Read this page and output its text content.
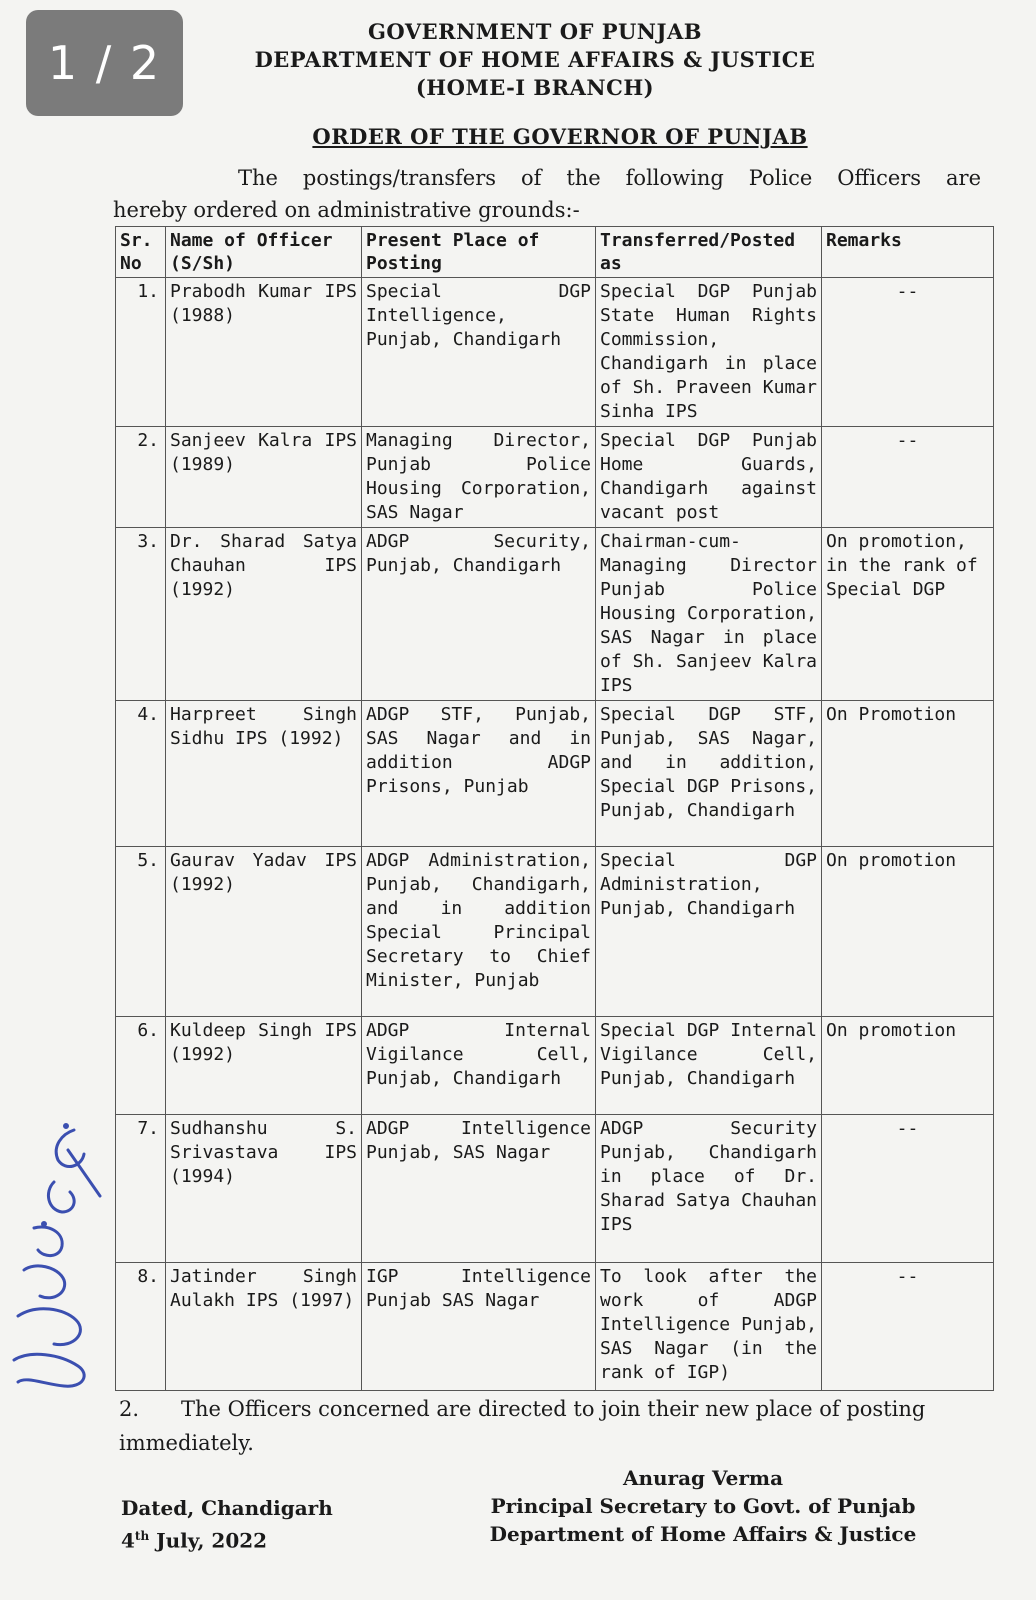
1 / 2
GOVERNMENT OF PUNJAB
DEPARTMENT OF HOME AFFAIRS & JUSTICE
(HOME-I BRANCH)
ORDER OF THE GOVERNOR OF PUNJAB
The postings/transfers of the following Police Officers are
hereby ordered on administrative grounds:-
Sr. No	Name of Officer (S/Sh)	Present Place of Posting	Transferred/Posted as	Remarks
1.	Prabodh Kumar IPS (1988)	Special DGP Intelligence, Punjab, Chandigarh	Special DGP Punjab State Human Rights Commission, Chandigarh in place of Sh. Praveen Kumar Sinha IPS	--
2.	Sanjeev Kalra IPS (1989)	Managing Director, Punjab Police Housing Corporation, SAS Nagar	Special DGP Punjab Home Guards, Chandigarh against vacant post	--
3.	Dr. Sharad Satya Chauhan IPS (1992)	ADGP Security, Punjab, Chandigarh	Chairman-cum-Managing Director Punjab Police Housing Corporation, SAS Nagar in place of Sh. Sanjeev Kalra IPS	On promotion, in the rank of Special DGP
4.	Harpreet Singh Sidhu IPS (1992)	ADGP STF, Punjab, SAS Nagar and in addition ADGP Prisons, Punjab	Special DGP STF, Punjab, SAS Nagar, and in addition, Special DGP Prisons, Punjab, Chandigarh	On Promotion
5.	Gaurav Yadav IPS (1992)	ADGP Administration, Punjab, Chandigarh, and in addition Special Principal Secretary to Chief Minister, Punjab	Special DGP Administration, Punjab, Chandigarh	On promotion
6.	Kuldeep Singh IPS (1992)	ADGP Internal Vigilance Cell, Punjab, Chandigarh	Special DGP Internal Vigilance Cell, Punjab, Chandigarh	On promotion
7.	Sudhanshu S. Srivastava IPS (1994)	ADGP Intelligence Punjab, SAS Nagar	ADGP Security Punjab, Chandigarh in place of Dr. Sharad Satya Chauhan IPS	--
8.	Jatinder Singh Aulakh IPS (1997)	IGP Intelligence Punjab SAS Nagar	To look after the work of ADGP Intelligence Punjab, SAS Nagar (in the rank of IGP)	--
2. The Officers concerned are directed to join their new place of posting immediately.
Dated, Chandigarh
4th July, 2022
Anurag Verma
Principal Secretary to Govt. of Punjab
Department of Home Affairs & Justice
